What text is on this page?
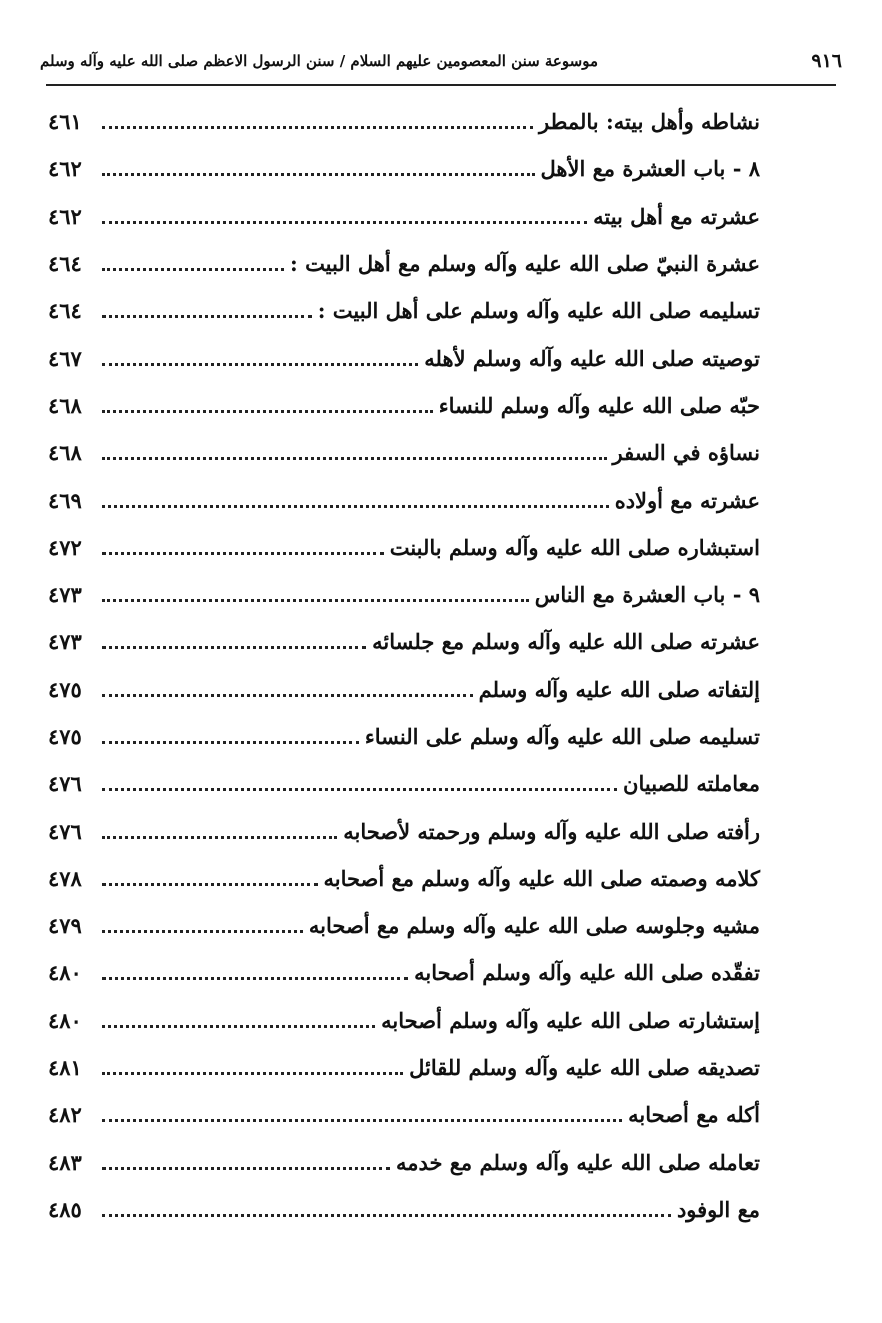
٩١٦
موسوعة سنن المعصومين عليهم السلام / سنن الرسول الاعظم صلى الله عليه وآله وسلم
نشاطه وأهل بيته: بالمطر
٤٦١
٨ - باب العشرة مع الأهل
٤٦٢
عشرته مع أهل بيته
٤٦٢
عشرة النبيّ صلى الله عليه وآله وسلم مع أهل البيت :
٤٦٤
تسليمه صلى الله عليه وآله وسلم على أهل البيت :
٤٦٤
توصيته صلى الله عليه وآله وسلم لأهله
٤٦٧
حبّه صلى الله عليه وآله وسلم للنساء
٤٦٨
نساؤه في السفر
٤٦٨
عشرته مع أولاده
٤٦٩
استبشاره صلى الله عليه وآله وسلم بالبنت
٤٧٢
٩ - باب العشرة مع الناس
٤٧٣
عشرته صلى الله عليه وآله وسلم مع جلسائه
٤٧٣
إلتفاته صلى الله عليه وآله وسلم
٤٧٥
تسليمه صلى الله عليه وآله وسلم على النساء
٤٧٥
معاملته للصبيان
٤٧٦
رأفته صلى الله عليه وآله وسلم ورحمته لأصحابه
٤٧٦
كلامه وصمته صلى الله عليه وآله وسلم مع أصحابه
٤٧٨
مشيه وجلوسه صلى الله عليه وآله وسلم مع أصحابه
٤٧٩
تفقّده صلى الله عليه وآله وسلم أصحابه
٤٨٠
إستشارته صلى الله عليه وآله وسلم أصحابه
٤٨٠
تصديقه صلى الله عليه وآله وسلم للقائل
٤٨١
أكله مع أصحابه
٤٨٢
تعامله صلى الله عليه وآله وسلم مع خدمه
٤٨٣
مع الوفود
٤٨٥
